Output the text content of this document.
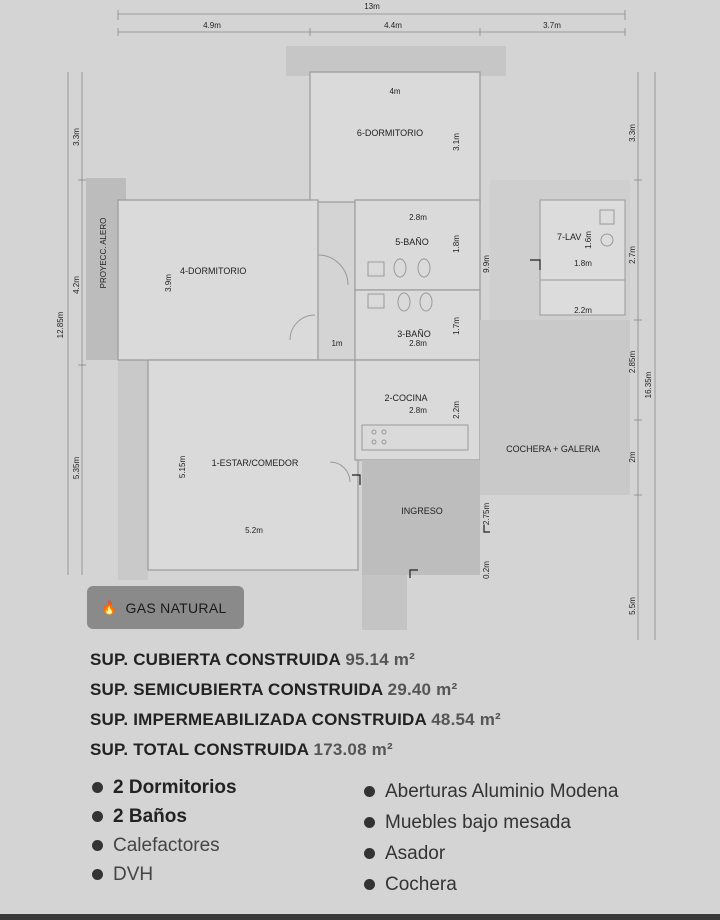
13m
4.9m	4.4m	3.7m
12.85m
3.3m
4.2m
5.35m
16.35m
3.3m
2.7m
2.85m
2m
5.5m
6-DORMITORIO
4-DORMITORIO
5-BAÑO
3-BAÑO
2-COCINA
1-ESTAR/COMEDOR
7-LAV
COCHERA + GALERIA
INGRESO
PROYECC. ALERO
4m
3.1m
2.8m
1.8m
2.8m
1.7m
2.8m	2.2m
3.9m
1m
5.15m
5.2m
9.9m
2.75m
0.2m
1.8m
1.6m
2.2m
🔥 GAS NATURAL
SUP. CUBIERTA CONSTRUIDA 95.14 m²
SUP. SEMICUBIERTA CONSTRUIDA 29.40 m²
SUP. IMPERMEABILIZADA CONSTRUIDA 48.54 m²
SUP. TOTAL CONSTRUIDA 173.08 m²
2 Dormitorios
2 Baños
Calefactores
DVH
Aberturas Aluminio Modena
Muebles bajo mesada
Asador
Cochera
